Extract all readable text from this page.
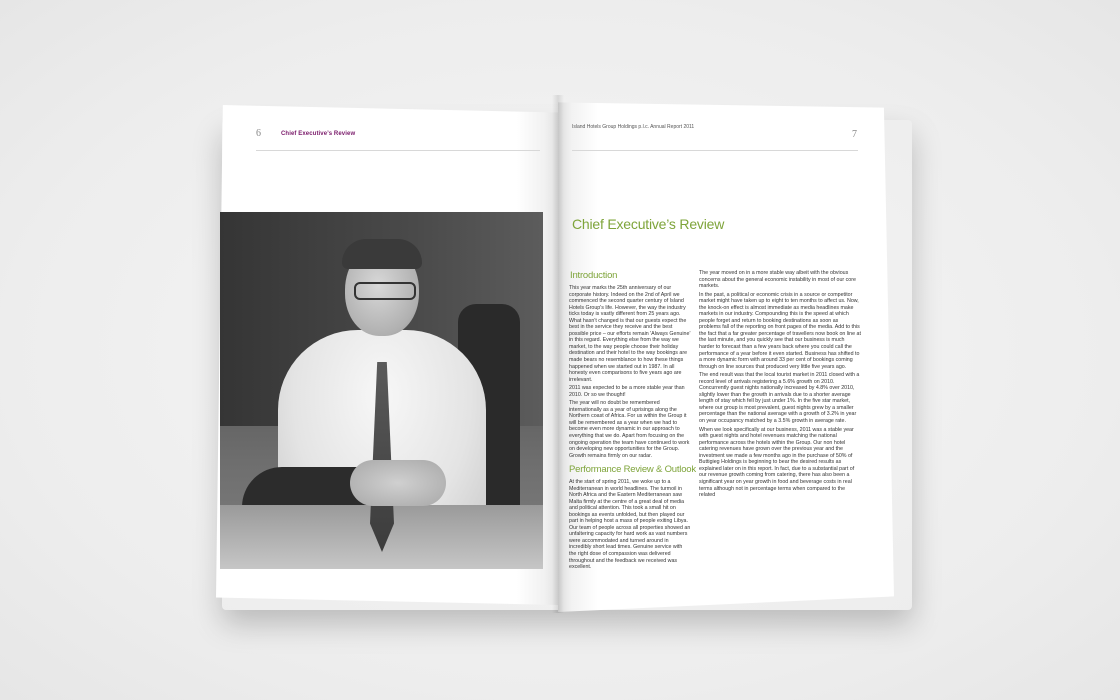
6	Chief Executive’s Review
Island Hotels Group Holdings p.l.c. Annual Report 2011
7
Chief Executive’s Review
Introduction

This year marks the 25th anniversary of our corporate history. Indeed on the 2nd of April we commenced the second quarter century of Island Hotels Group's life. However, the way the industry ticks today is vastly different from 25 years ago. What hasn't changed is that our guests expect the best in the service they receive and the best possible price – our efforts remain 'Always Genuine' in this regard. Everything else from the way we market, to the way people choose their holiday destination and their hotel to the way bookings are made bears no resemblance to how these things happened when we started out in 1987. In all honesty even comparisons to five years ago are irrelevant.

2011 was expected to be a more stable year than 2010. Or so we thought!

The year will no doubt be remembered internationally as a year of uprisings along the Northern coast of Africa. For us within the Group it will be remembered as a year when we had to become even more dynamic in our approach to everything that we do. Apart from focusing on the ongoing operation the team have continued to work on developing new opportunities for the Group. Growth remains firmly on our radar.

Performance Review & Outlook

At the start of spring 2011, we woke up to a Mediterranean in world headlines. The turmoil in North Africa and the Eastern Mediterranean saw Malta firmly at the centre of a great deal of media and political attention. This took a small hit on bookings as events unfolded, but then played our part in helping host a mass of people exiting Libya. Our team of people across all properties showed an unfaltering capacity for hard work as vast numbers were accommodated and turned around in incredibly short lead times. Genuine service with the right dose of compassion was delivered throughout and the feedback we received was excellent.

The year moved on in a more stable way albeit with the obvious concerns about the general economic instability in most of our core markets.

In the past, a political or economic crisis in a source or competitor market might have taken up to eight to ten months to affect us. Now, the knock-on effect is almost immediate as media headlines make markets in our industry. Compounding this is the speed at which people forget and return to booking destinations as soon as problems fall of the reporting on front pages of the media. Add to this the fact that a far greater percentage of travellers now book on line at the last minute, and you quickly see that our business is much harder to forecast than a few years back where you could call the performance of a year before it even started. Business has shifted to a more dynamic form with around 33 per cent of bookings coming through on line sources that produced very little five years ago.

The end result was that the local tourist market in 2011 closed with a record level of arrivals registering a 5.6% growth on 2010. Concurrently guest nights nationally increased by 4.8% over 2010, slightly lower than the growth in arrivals due to a shorter average length of stay which fell by just under 1%. In the five star market, where our group is most prevalent, guest nights grew by a smaller percentage than the national average with a growth of 3.2% in year on year occupancy matched by a 3.5% growth in average rate.

When we look specifically at our business, 2011 was a stable year with guest nights and hotel revenues matching the national performance across the hotels within the Group. Our non hotel catering revenues have grown over the previous year and the investment we made a few months ago in the purchase of 50% of Buttigieg Holdings is beginning to bear the desired results as explained later on in this report. In fact, due to a substantial part of our revenue growth coming from catering, there has also been a significant year on year growth in food and beverage costs in real terms although not in percentage terms when compared to the related
